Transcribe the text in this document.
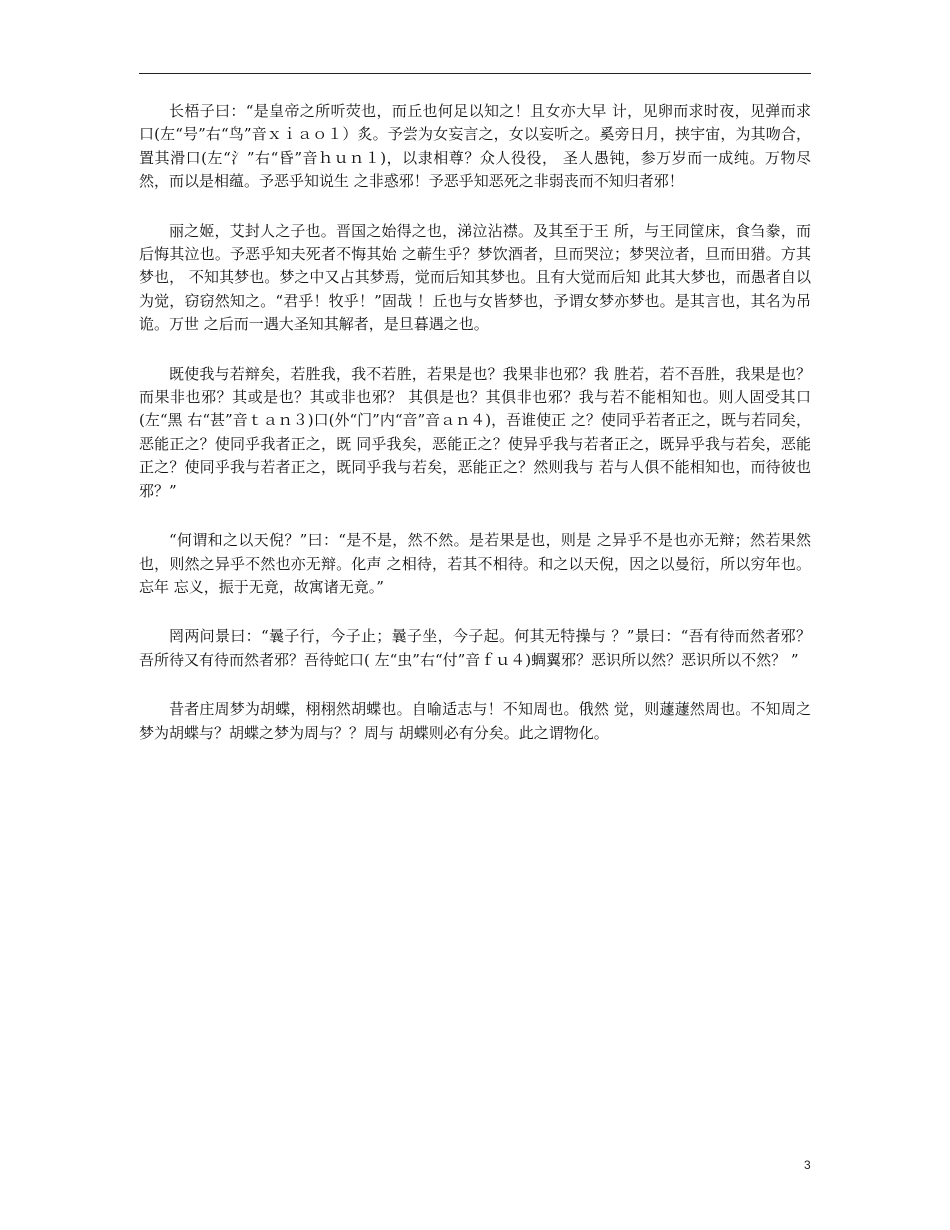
长梧子曰：“是皇帝之所听荧也，而丘也何足以知之！且女亦大早 计，见卵而求时夜，见弹而求口(左“号”右“鸟”音ｘｉａｏ１）炙。予尝为女妄言之，女以妄听之。奚旁日月，挟宇宙，为其吻合， 置其滑口(左“氵”右“昏”音ｈｕｎ１)，以隶相尊？众人役役， 圣人愚钝，参万岁而一成纯。万物尽然，而以是相蕴。予恶乎知说生 之非惑邪！予恶乎知恶死之非弱丧而不知归者邪！

丽之姬，艾封人之子也。晋国之始得之也，涕泣沾襟。及其至于王 所，与王同筐床，食刍豢，而后悔其泣也。予恶乎知夫死者不悔其始 之蕲生乎？梦饮酒者，旦而哭泣；梦哭泣者，旦而田猎。方其梦也， 不知其梦也。梦之中又占其梦焉，觉而后知其梦也。且有大觉而后知 此其大梦也，而愚者自以为觉，窃窃然知之。“君乎！牧乎！”固哉 ！丘也与女皆梦也，予谓女梦亦梦也。是其言也，其名为吊诡。万世 之后而一遇大圣知其解者，是旦暮遇之也。

既使我与若辩矣，若胜我，我不若胜，若果是也？我果非也邪？我 胜若，若不吾胜，我果是也？而果非也邪？其或是也？其或非也邪？ 其俱是也？其俱非也邪？我与若不能相知也。则人固受其口(左“黑 右“甚”音ｔａｎ３)口(外“门”内“音”音ａｎ４)，吾谁使正 之？使同乎若者正之，既与若同矣，恶能正之？使同乎我者正之，既 同乎我矣，恶能正之？使异乎我与若者正之，既异乎我与若矣，恶能 正之？使同乎我与若者正之，既同乎我与若矣，恶能正之？然则我与 若与人俱不能相知也，而待彼也邪？”

“何谓和之以天倪？”曰：“是不是，然不然。是若果是也，则是 之异乎不是也亦无辩；然若果然也，则然之异乎不然也亦无辩。化声 之相待，若其不相待。和之以天倪，因之以曼衍，所以穷年也。忘年 忘义，振于无竟，故寓诸无竟。”

罔两问景曰：“曩子行，今子止；曩子坐，今子起。何其无特操与 ？”景曰：“吾有待而然者邪？吾所待又有待而然者邪？吾待蛇口( 左“虫”右“付”音ｆｕ４)蜩翼邪？恶识所以然？恶识所以不然？ ”

昔者庄周梦为胡蝶，栩栩然胡蝶也。自喻适志与！不知周也。俄然 觉，则蘧蘧然周也。不知周之梦为胡蝶与？胡蝶之梦为周与？？周与 胡蝶则必有分矣。此之谓物化。

3
